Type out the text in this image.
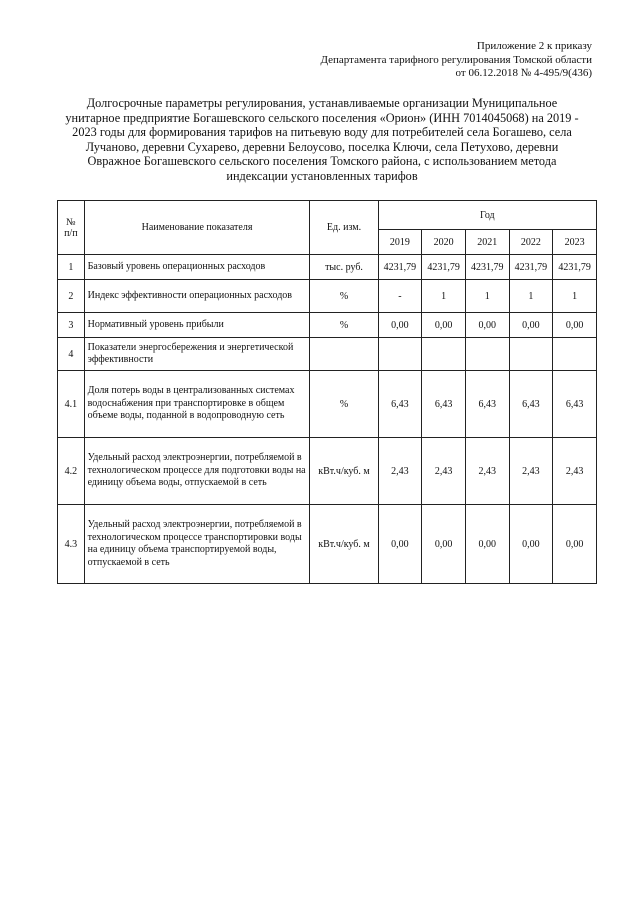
Приложение 2 к приказу
Департамента тарифного регулирования Томской области
от 06.12.2018 № 4-495/9(436)
Долгосрочные параметры регулирования, устанавливаемые организации Муниципальное унитарное предприятие Богашевского сельского поселения «Орион» (ИНН 7014045068) на 2019 - 2023 годы для формирования тарифов на питьевую воду для потребителей села Богашево, села Лучаново, деревни Сухарево, деревни Белоусово, поселка Ключи, села Петухово, деревни Овражное Богашевского сельского поселения Томского района, с использованием метода индексации установленных тарифов
№ п/п	Наименование показателя	Ед. изм.	Год				
			2019	2020	2021	2022	2023
1	Базовый уровень операционных расходов	тыс. руб.	4231,79	4231,79	4231,79	4231,79	4231,79
2	Индекс эффективности операционных расходов	%	-	1	1	1	1
3	Нормативный уровень прибыли	%	0,00	0,00	0,00	0,00	0,00
4	Показатели энергосбережения и энергетической эффективности						
4.1	Доля потерь воды в централизованных системах водоснабжения при транспортировке в общем объеме воды, поданной в водопроводную сеть	%	6,43	6,43	6,43	6,43	6,43
4.2	Удельный расход электроэнергии, потребляемой в технологическом процессе для подготовки воды на единицу объема воды, отпускаемой в сеть	кВт.ч/куб. м	2,43	2,43	2,43	2,43	2,43
4.3	Удельный расход электроэнергии, потребляемой в технологическом процессе транспортировки воды на единицу объема транспортируемой воды, отпускаемой в сеть	кВт.ч/куб. м	0,00	0,00	0,00	0,00	0,00
